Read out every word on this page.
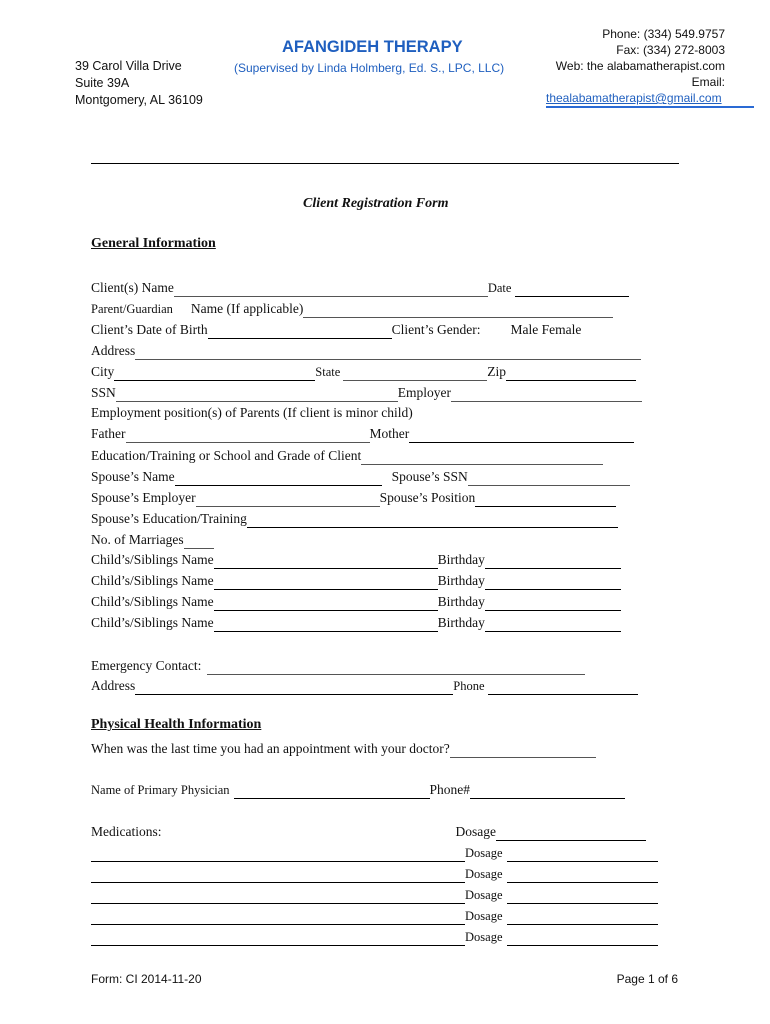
39 Carol Villa Drive
Suite 39A
Montgomery, AL 36109
AFANGIDEH THERAPY
(Supervised by Linda Holmberg, Ed. S., LPC, LLC)
Phone: (334) 549.9757
Fax: (334) 272-8003
Web: the alabamatherapist.com
Email:
thealabamatherapist@gmail.com
Client Registration Form
General Information
Client(s) Name	Date
Parent/Guardian Name (If applicable)
Client’s Date of Birth	Client’s Gender: Male Female
Address
City	State	Zip
SSN	Employer
Employment position(s) of Parents (If client is minor child)
Father	Mother
Education/Training or School and Grade of Client
Spouse’s Name	Spouse’s SSN
Spouse’s Employer	Spouse’s Position
Spouse’s Education/Training
No. of Marriages
Child’s/Siblings Name	Birthday
Child’s/Siblings Name	Birthday
Child’s/Siblings Name	Birthday
Child’s/Siblings Name	Birthday
Emergency Contact:
Address	Phone
Physical Health Information
When was the last time you had an appointment with your doctor?
Name of Primary Physician	Phone#
Medications:	Dosage
Dosage
Dosage
Dosage
Dosage
Dosage
Form: CI 2014-11-20	Page 1 of 6
